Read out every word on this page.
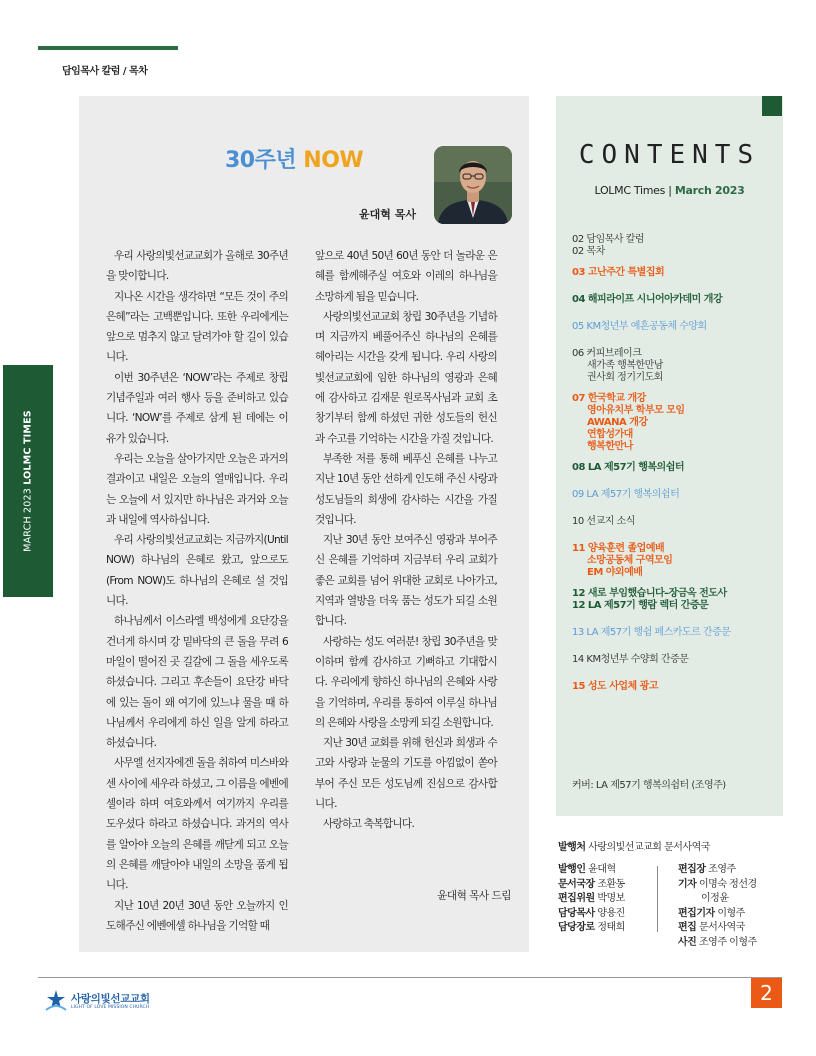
담임목사 칼럼 / 목차
MARCH 2023 LOLMC TIMES
30주년 NOW
윤대혁 목사

우리 사랑의빛선교교회가 올해로 30주년을 맞이합니다.

지나온 시간을 생각하면 “모든 것이 주의 은혜”라는 고백뿐입니다. 또한 우리에게는 앞으로 멈추지 않고 달려가야 할 길이 있습니다.

이번 30주년은 ‘NOW’라는 주제로 창립기념주일과 여러 행사 등을 준비하고 있습니다. ‘NOW’를 주제로 삼게 된 데에는 이유가 있습니다.

우리는 오늘을 살아가지만 오늘은 과거의 결과이고 내일은 오늘의 열매입니다. 우리는 오늘에 서 있지만 하나님은 과거와 오늘과 내일에 역사하십니다.

우리 사랑의빛선교교회는 지금까지(Until NOW) 하나님의 은혜로 왔고, 앞으로도(From NOW)도 하나님의 은혜로 설 것입니다.

하나님께서 이스라엘 백성에게 요단강을 건너게 하시며 강 밑바닥의 큰 돌을 무려 6마일이 떨어진 곳 길갈에 그 돌을 세우도록 하셨습니다. 그리고 후손들이 요단강 바닥에 있는 돌이 왜 여기에 있느냐 물을 때 하나님께서 우리에게 하신 일을 알게 하라고 하셨습니다.

사무엘 선지자에겐 돌을 취하여 미스바와 센 사이에 세우라 하셨고, 그 이름을 에벤에셀이라 하며 여호와께서 여기까지 우리를 도우셨다 하라고 하셨습니다. 과거의 역사를 알아야 오늘의 은혜를 깨닫게 되고 오늘의 은혜를 깨달아야 내일의 소망을 품게 됩니다.

지난 10년 20년 30년 동안 오늘까지 인도해주신 에벤에셀 하나님을 기억할 때

앞으로 40년 50년 60년 동안 더 놀라운 은혜를 함께해주실 여호와 이레의 하나님을 소망하게 됨을 믿습니다.

사랑의빛선교교회 창립 30주년을 기념하며 지금까지 베풀어주신 하나님의 은혜를 헤아리는 시간을 갖게 됩니다. 우리 사랑의빛선교교회에 임한 하나님의 영광과 은혜에 감사하고 김재문 원로목사님과 교회 초창기부터 함께 하셨던 귀한 성도들의 헌신과 수고를 기억하는 시간을 가질 것입니다.

부족한 저를 통해 베푸신 은혜를 나누고 지난 10년 동안 선하게 인도해 주신 사랑과 성도님들의 희생에 감사하는 시간을 가질 것입니다.

지난 30년 동안 보여주신 영광과 부어주신 은혜를 기억하며 지금부터 우리 교회가 좋은 교회를 넘어 위대한 교회로 나아가고, 지역과 열방을 더욱 품는 성도가 되길 소원합니다.

사랑하는 성도 여러분! 창립 30주년을 맞이하며 함께 감사하고 기뻐하고 기대합시다. 우리에게 향하신 하나님의 은혜와 사랑을 기억하며, 우리를 통하여 이루실 하나님의 은혜와 사랑을 소망케 되길 소원합니다.

지난 30년 교회를 위해 헌신과 희생과 수고와 사랑과 눈물의 기도를 아낌없이 쏟아부어 주신 모든 성도님께 진심으로 감사합니다.

사랑하고 축복합니다.

윤대혁 목사 드림
CONTENTS
LOLMC Times | March 2023
02 담임목사 칼럼
02 목차
03 고난주간 특별집회
04 해피라이프 시니어아카데미 개강
05 KM청년부 예흔공동체 수양회
06 커피브레이크
새가족 행복한만남
권사회 정기기도회
07 한국학교 개강
영아유치부 학부모 모임
AWANA 개강
연합성가대
행복한만나
08 LA 제57기 행복의쉼터
09 LA 제57기 행복의쉼터
10 선교지 소식
11 양육훈련 졸업예배
소망공동체 구역모임
EM 야외예배
12 새로 부임했습니다–장금옥 전도사
12 LA 제57기 행람 렉터 간증문
13 LA 제57기 행쉼 페스카도르 간증문
14 KM청년부 수양회 간증문
15 성도 사업체 광고
커버: LA 제57기 행복의쉼터 (조영주)
발행처 사랑의빛선교교회 문서사역국
발행인 윤대혁
문서국장 조환동
편집위원 박명보
담당목사 양용진
담당장로 정태희
편집장 조영주
기자 이명숙 정선경
이정윤
편집기자 이형주
편집 문서사역국
사진 조영주 이형주
사랑의빛선교교회
LIGHT OF LOVE MISSION CHURCH
2
